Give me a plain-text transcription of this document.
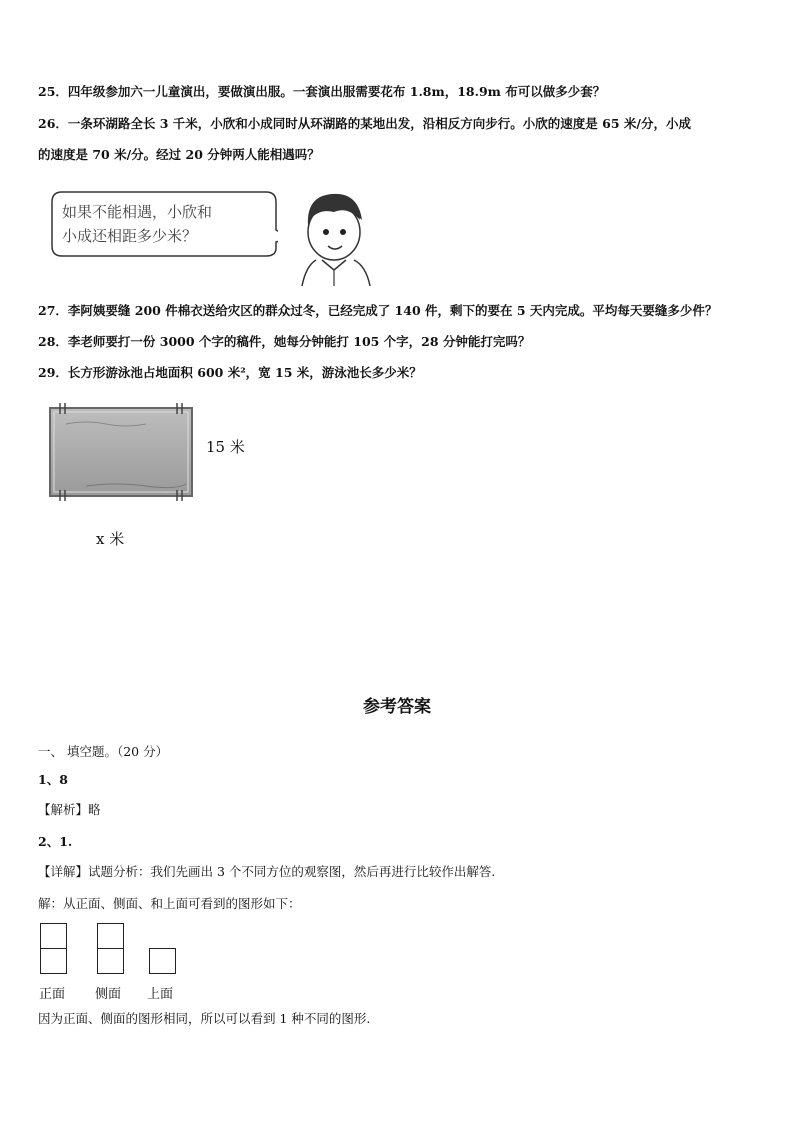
25．四年级参加六一儿童演出，要做演出服。一套演出服需要花布 1.8m，18.9m 布可以做多少套？
26．一条环湖路全长 3 千米，小欣和小成同时从环湖路的某地出发，沿相反方向步行。小欣的速度是 65 米/分，小成
的速度是 70 米/分。经过 20 分钟两人能相遇吗？
如果不能相遇，小欣和
小成还相距多少米？
27．李阿姨要缝 200 件棉衣送给灾区的群众过冬，已经完成了 140 件，剩下的要在 5 天内完成。平均每天要缝多少件？
28．李老师要打一份 3000 个字的稿件，她每分钟能打 105 个字，28 分钟能打完吗？
29．长方形游泳池占地面积 600 米²，宽 15 米，游泳池长多少米？
15 米
x 米
参考答案
一、 填空题。（20 分）
1、8
【解析】略
2、1.
【详解】试题分析：我们先画出 3 个不同方位的观察图，然后再进行比较作出解答.
解：从正面、侧面、和上面可看到的图形如下：
正面 侧面 上面
因为正面、侧面的图形相同，所以可以看到 1 种不同的图形.
